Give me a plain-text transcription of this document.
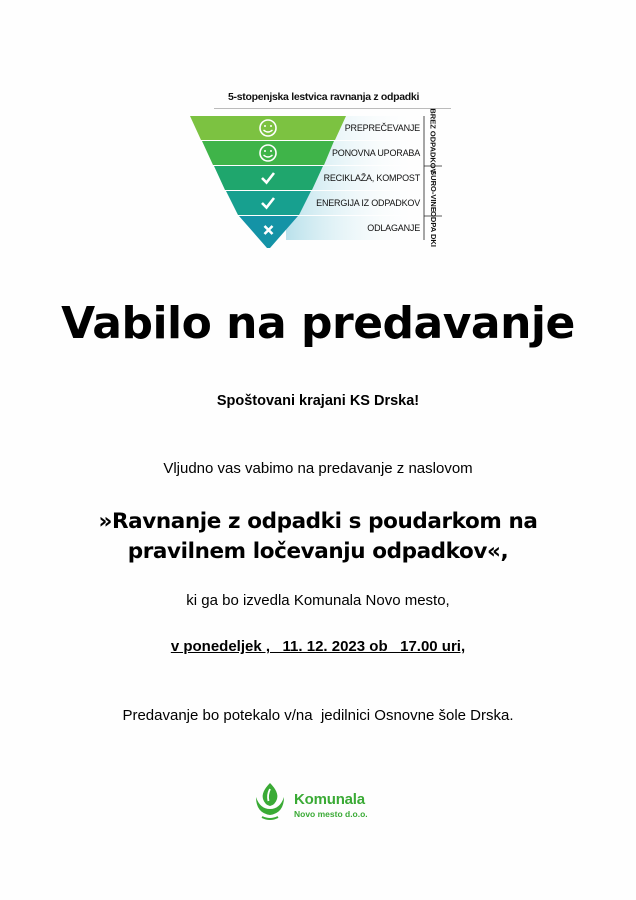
5-stopenjska lestvica ravnanja z odpadki
PREPREČEVANJE
PONOVNA UPORABA
RECIKLAŽA, KOMPOST
ENERGIJA IZ ODPADKOV
ODLAGANJE
BREZ ODPADKOV
SURO-VINE
ODPA DKI
Vabilo na predavanje
Spoštovani krajani KS Drska!
Vljudno vas vabimo na predavanje z naslovom
»Ravnanje z odpadki s poudarkom na
pravilnem ločevanju odpadkov«,
ki ga bo izvedla Komunala Novo mesto,
v ponedeljek ,   11. 12. 2023 ob   17.00 uri,
Predavanje bo potekalo v/na  jedilnici Osnovne šole Drska.
Komunala
Novo mesto d.o.o.
